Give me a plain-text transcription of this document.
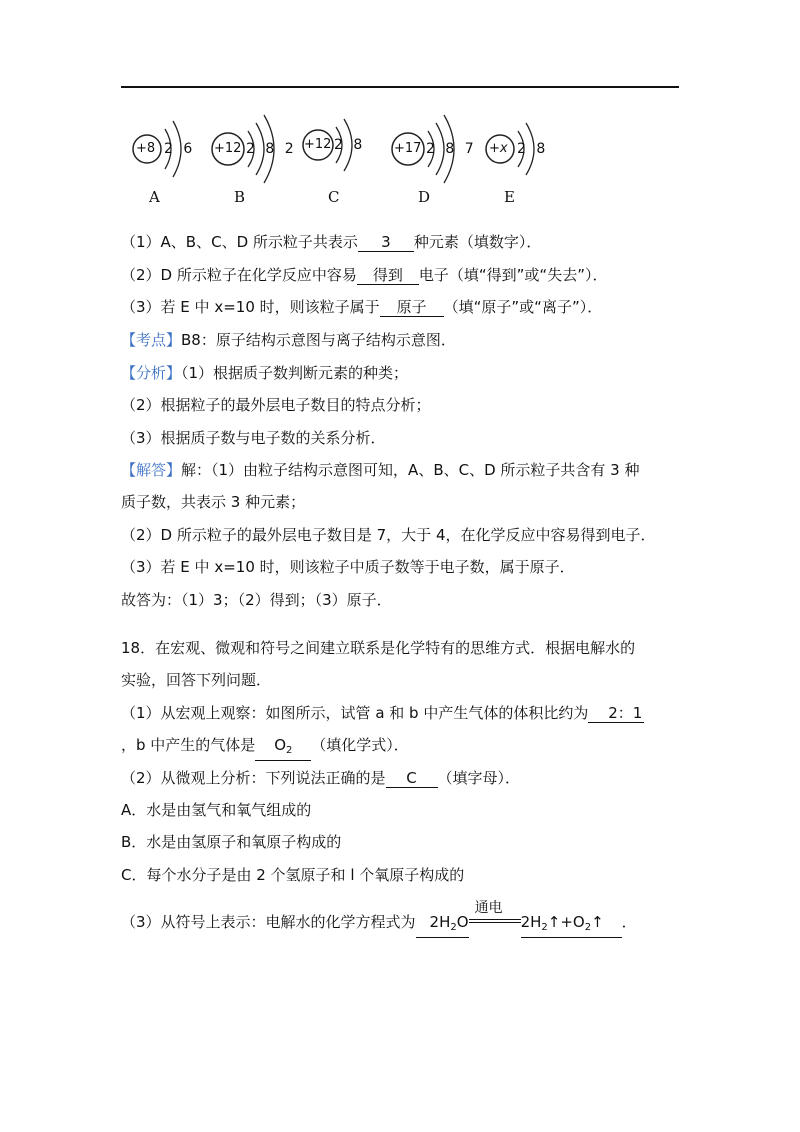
+8 2 6
A
+12 2 8 2
B
+12 2 8
C
+17 2 8 7
D
+x 2 8
E
（1）A、B、C、D 所示粒子共表示 3 种元素（填数字）．
（2）D 所示粒子在化学反应中容易 得到 电子（填“得到”或“失去”）．
（3）若 E 中 x=10 时，则该粒子属于 原子 （填“原子”或“离子”）．
【考点】B8：原子结构示意图与离子结构示意图．
【分析】（1）根据质子数判断元素的种类；
（2）根据粒子的最外层电子数目的特点分析；
（3）根据质子数与电子数的关系分析．
【解答】解：（1）由粒子结构示意图可知，A、B、C、D 所示粒子共含有 3 种
质子数，共表示 3 种元素；
（2）D 所示粒子的最外层电子数目是 7，大于 4，在化学反应中容易得到电子．
（3）若 E 中 x=10 时，则该粒子中质子数等于电子数，属于原子．
故答为：（1）3；（2）得到；（3）原子．
18．在宏观、微观和符号之间建立联系是化学特有的思维方式．根据电解水的
实验，回答下列问题．
（1）从宏观上观察：如图所示，试管 a 和 b 中产生气体的体积比约为 2：1
，b 中产生的气体是 $O_2$ （填化学式）．
（2）从微观上分析：下列说法正确的是 C （填字母）．
A．水是由氢气和氧气组成的
B．水是由氢原子和氧原子构成的
C．每个水分子是由 2 个氢原子和 l 个氧原子构成的
（3）从符号上表示：电解水的化学方程式为 $2H_2O$
通电
$2H_2↑+O_2↑$ ．
